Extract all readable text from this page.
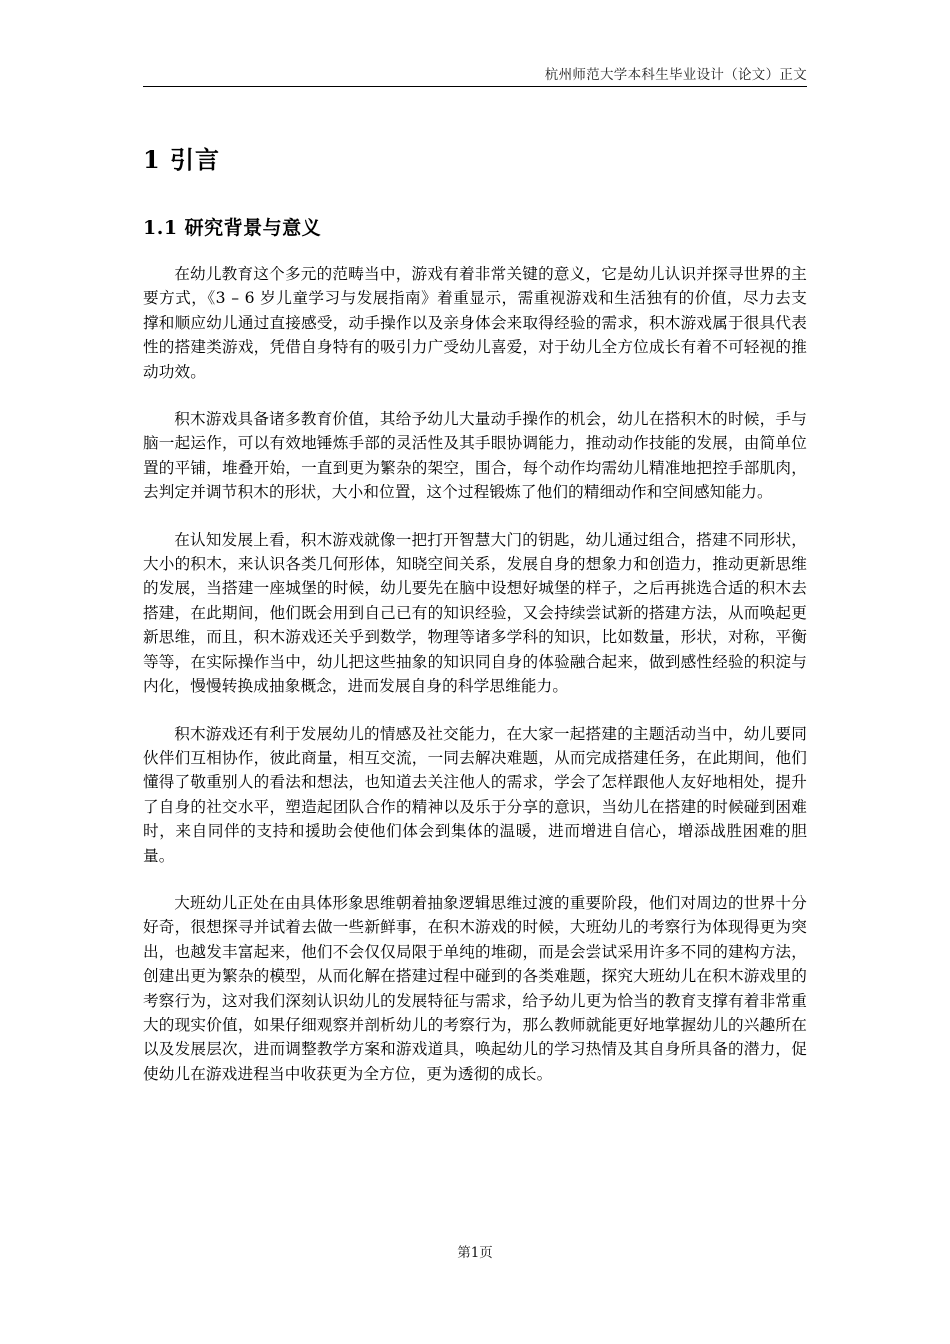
杭州师范大学本科生毕业设计（论文）正文
1 引言
1.1 研究背景与意义

在幼儿教育这个多元的范畴当中，游戏有着非常关键的意义，它是幼儿认识并探寻世界的主要方式，《3 – 6 岁儿童学习与发展指南》着重显示，需重视游戏和生活独有的价值，尽力去支撑和顺应幼儿通过直接感受，动手操作以及亲身体会来取得经验的需求，积木游戏属于很具代表性的搭建类游戏，凭借自身特有的吸引力广受幼儿喜爱，对于幼儿全方位成长有着不可轻视的推动功效。

积木游戏具备诸多教育价值，其给予幼儿大量动手操作的机会，幼儿在搭积木的时候，手与脑一起运作，可以有效地锤炼手部的灵活性及其手眼协调能力，推动动作技能的发展，由简单位置的平铺，堆叠开始，一直到更为繁杂的架空，围合，每个动作均需幼儿精准地把控手部肌肉，去判定并调节积木的形状，大小和位置，这个过程锻炼了他们的精细动作和空间感知能力。

在认知发展上看，积木游戏就像一把打开智慧大门的钥匙，幼儿通过组合，搭建不同形状，大小的积木，来认识各类几何形体，知晓空间关系，发展自身的想象力和创造力，推动更新思维的发展，当搭建一座城堡的时候，幼儿要先在脑中设想好城堡的样子，之后再挑选合适的积木去搭建，在此期间，他们既会用到自己已有的知识经验，又会持续尝试新的搭建方法，从而唤起更新思维，而且，积木游戏还关乎到数学，物理等诸多学科的知识，比如数量，形状，对称，平衡等等，在实际操作当中，幼儿把这些抽象的知识同自身的体验融合起来，做到感性经验的积淀与内化，慢慢转换成抽象概念，进而发展自身的科学思维能力。

积木游戏还有利于发展幼儿的情感及社交能力，在大家一起搭建的主题活动当中，幼儿要同伙伴们互相协作，彼此商量，相互交流，一同去解决难题，从而完成搭建任务，在此期间，他们懂得了敬重别人的看法和想法，也知道去关注他人的需求，学会了怎样跟他人友好地相处，提升了自身的社交水平，塑造起团队合作的精神以及乐于分享的意识，当幼儿在搭建的时候碰到困难时，来自同伴的支持和援助会使他们体会到集体的温暖，进而增进自信心，增添战胜困难的胆量。

大班幼儿正处在由具体形象思维朝着抽象逻辑思维过渡的重要阶段，他们对周边的世界十分好奇，很想探寻并试着去做一些新鲜事，在积木游戏的时候，大班幼儿的考察行为体现得更为突出，也越发丰富起来，他们不会仅仅局限于单纯的堆砌，而是会尝试采用许多不同的建构方法，创建出更为繁杂的模型，从而化解在搭建过程中碰到的各类难题，探究大班幼儿在积木游戏里的考察行为，这对我们深刻认识幼儿的发展特征与需求，给予幼儿更为恰当的教育支撑有着非常重大的现实价值，如果仔细观察并剖析幼儿的考察行为，那么教师就能更好地掌握幼儿的兴趣所在以及发展层次，进而调整教学方案和游戏道具，唤起幼儿的学习热情及其自身所具备的潜力，促使幼儿在游戏进程当中收获更为全方位，更为透彻的成长。

第1页
